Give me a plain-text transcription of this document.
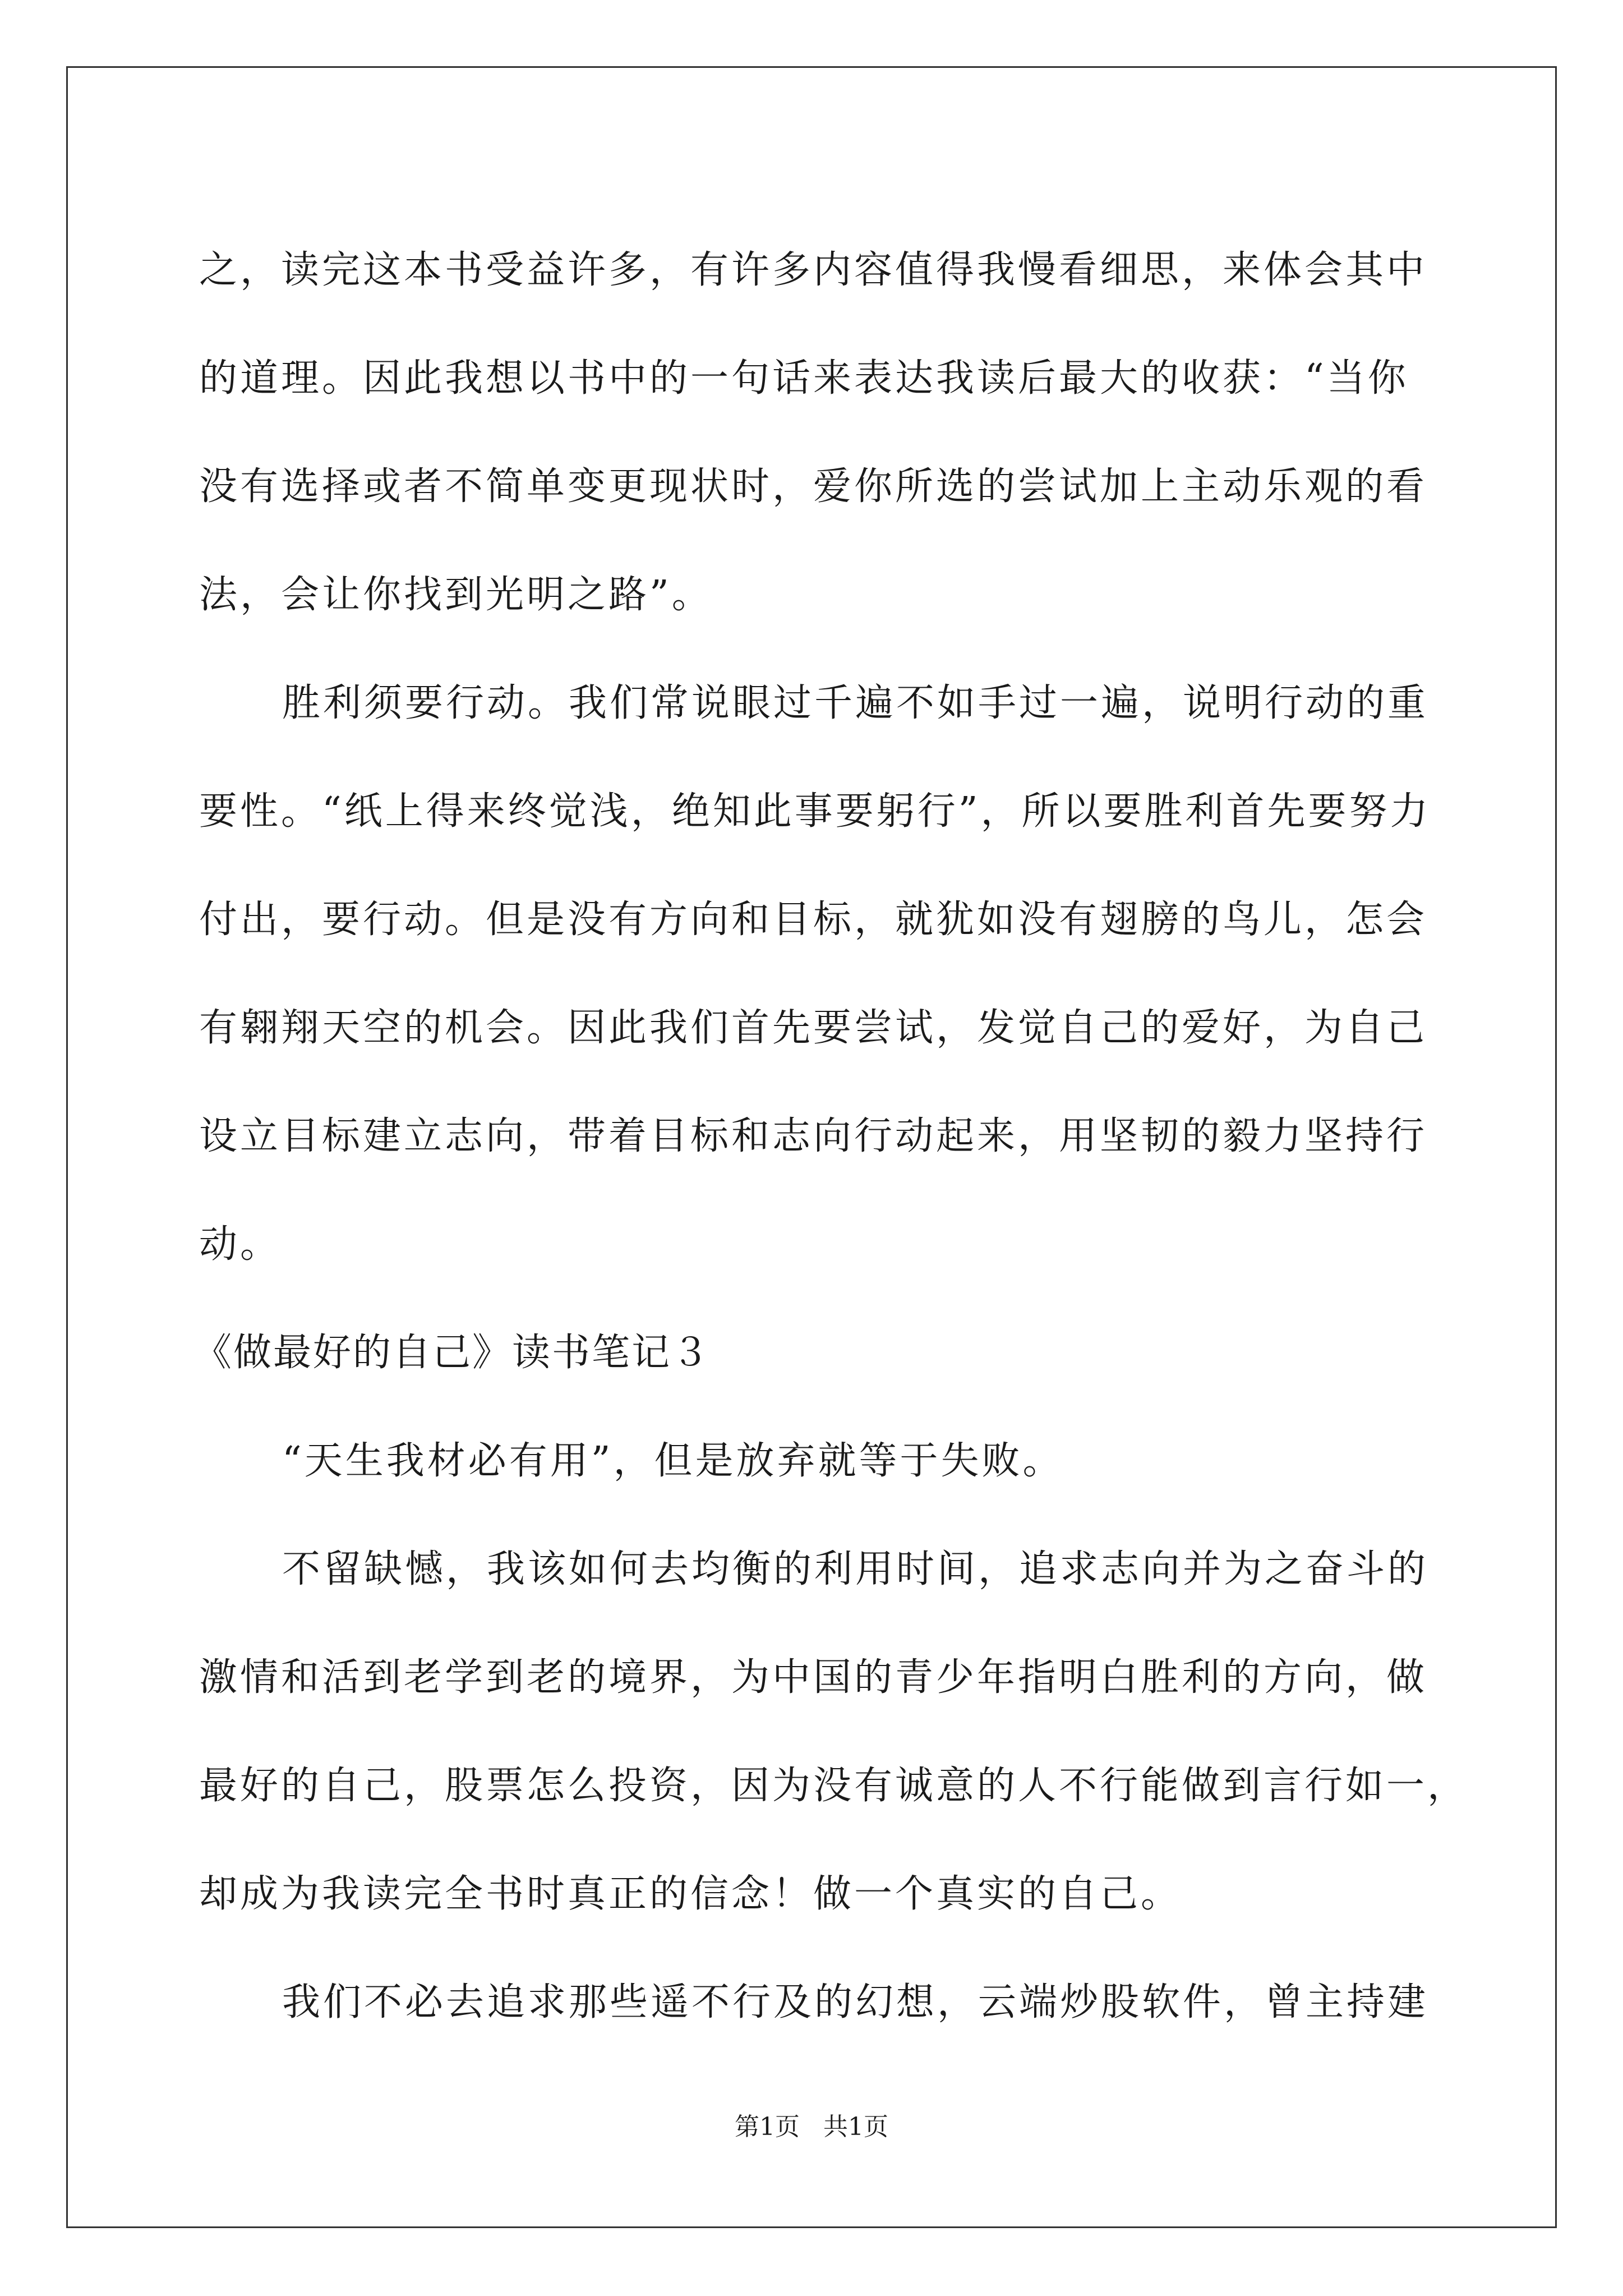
之，读完这本书受益许多，有许多内容值得我慢看细思，来体会其中
的道理。因此我想以书中的一句话来表达我读后最大的收获：“当你
没有选择或者不简单变更现状时，爱你所选的尝试加上主动乐观的看
法，会让你找到光明之路”。
胜利须要行动。我们常说眼过千遍不如手过一遍，说明行动的重
要性。“纸上得来终觉浅，绝知此事要躬行”，所以要胜利首先要努力
付出，要行动。但是没有方向和目标，就犹如没有翅膀的鸟儿，怎会
有翱翔天空的机会。因此我们首先要尝试，发觉自己的爱好，为自己
设立目标建立志向，带着目标和志向行动起来，用坚韧的毅力坚持行
动。
《做最好的自己》读书笔记３
“天生我材必有用”，但是放弃就等于失败。
不留缺憾，我该如何去均衡的利用时间，追求志向并为之奋斗的
激情和活到老学到老的境界，为中国的青少年指明白胜利的方向，做
最好的自己，股票怎么投资，因为没有诚意的人不行能做到言行如一，
却成为我读完全书时真正的信念！做一个真实的自己。
我们不必去追求那些遥不行及的幻想，云端炒股软件，曾主持建
第1页 共1页
